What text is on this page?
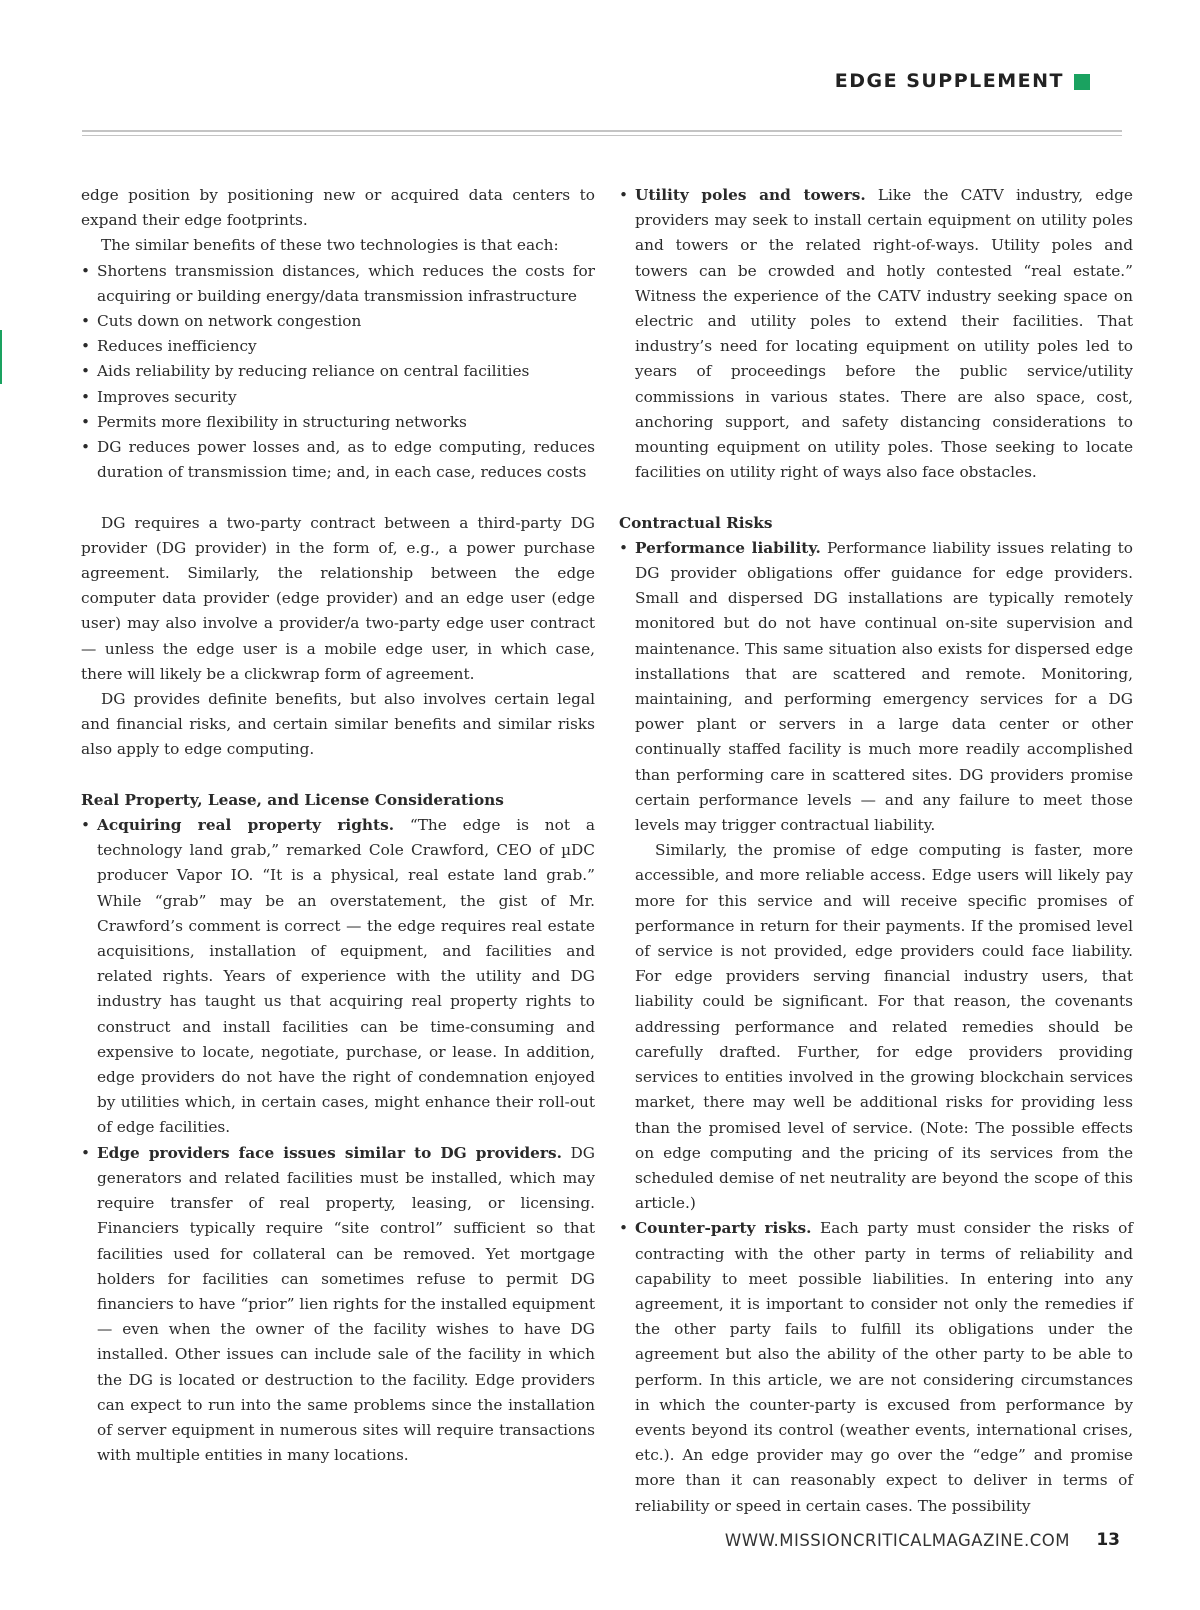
EDGE SUPPLEMENT

edge position by positioning new or acquired data centers to expand their edge footprints.

The similar benefits of these two technologies is that each:

• Shortens transmission distances, which reduces the costs for acquiring or building energy/data transmission infrastructure
• Cuts down on network congestion
• Reduces inefficiency
• Aids reliability by reducing reliance on central facilities
• Improves security
• Permits more flexibility in structuring networks
• DG reduces power losses and, as to edge computing, reduces duration of transmission time; and, in each case, reduces costs

DG requires a two-party contract between a third-party DG provider (DG provider) in the form of, e.g., a power purchase agreement. Similarly, the relationship between the edge computer data provider (edge provider) and an edge user (edge user) may also involve a provider/a two-party edge user contract — unless the edge user is a mobile edge user, in which case, there will likely be a clickwrap form of agreement.

DG provides definite benefits, but also involves certain legal and financial risks, and certain similar benefits and similar risks also apply to edge computing.

Real Property, Lease, and License Considerations
• Acquiring real property rights. “The edge is not a technology land grab,” remarked Cole Crawford, CEO of µDC producer Vapor IO. “It is a physical, real estate land grab.” While “grab” may be an overstatement, the gist of Mr. Crawford’s comment is correct — the edge requires real estate acquisitions, installation of equipment, and facilities and related rights. Years of experience with the utility and DG industry has taught us that acquiring real property rights to construct and install facilities can be time-consuming and expensive to locate, negotiate, purchase, or lease. In addition, edge providers do not have the right of condemnation enjoyed by utilities which, in certain cases, might enhance their roll-out of edge facilities.
• Edge providers face issues similar to DG providers. DG generators and related facilities must be installed, which may require transfer of real property, leasing, or licensing. Financiers typically require “site control” sufficient so that facilities used for collateral can be removed. Yet mortgage holders for facilities can sometimes refuse to permit DG financiers to have “prior” lien rights for the installed equipment — even when the owner of the facility wishes to have DG installed. Other issues can include sale of the facility in which the DG is located or destruction to the facility. Edge providers can expect to run into the same problems since the installation of server equipment in numerous sites will require transactions with multiple entities in many locations.
• Utility poles and towers. Like the CATV industry, edge providers may seek to install certain equipment on utility poles and towers or the related right-of-ways. Utility poles and towers can be crowded and hotly contested “real estate.” Witness the experience of the CATV industry seeking space on electric and utility poles to extend their facilities. That industry’s need for locating equipment on utility poles led to years of proceedings before the public service/utility commissions in various states. There are also space, cost, anchoring support, and safety distancing considerations to mounting equipment on utility poles. Those seeking to locate facilities on utility right of ways also face obstacles.
Contractual Risks
• Performance liability. Performance liability issues relating to DG provider obligations offer guidance for edge providers. Small and dispersed DG installations are typically remotely monitored but do not have continual on-site supervision and maintenance. This same situation also exists for dispersed edge installations that are scattered and remote. Monitoring, maintaining, and performing emergency services for a DG power plant or servers in a large data center or other continually staffed facility is much more readily accomplished than performing care in scattered sites. DG providers promise certain performance levels — and any failure to meet those levels may trigger contractual liability.

Similarly, the promise of edge computing is faster, more accessible, and more reliable access. Edge users will likely pay more for this service and will receive specific promises of performance in return for their payments. If the promised level of service is not provided, edge providers could face liability. For edge providers serving financial industry users, that liability could be significant. For that reason, the covenants addressing performance and related remedies should be carefully drafted. Further, for edge providers providing services to entities involved in the growing blockchain services market, there may well be additional risks for providing less than the promised level of service. (Note: The possible effects on edge computing and the pricing of its services from the scheduled demise of net neutrality are beyond the scope of this article.)

• Counter-party risks. Each party must consider the risks of contracting with the other party in terms of reliability and capability to meet possible liabilities. In entering into any agreement, it is important to consider not only the remedies if the other party fails to fulfill its obligations under the agreement but also the ability of the other party to be able to perform. In this article, we are not considering circumstances in which the counter-party is excused from performance by events beyond its control (weather events, international crises, etc.). An edge provider may go over the “edge” and promise more than it can reasonably expect to deliver in terms of reliability or speed in certain cases. The possibility
WWW.MISSIONCRITICALMAGAZINE.COM 13
